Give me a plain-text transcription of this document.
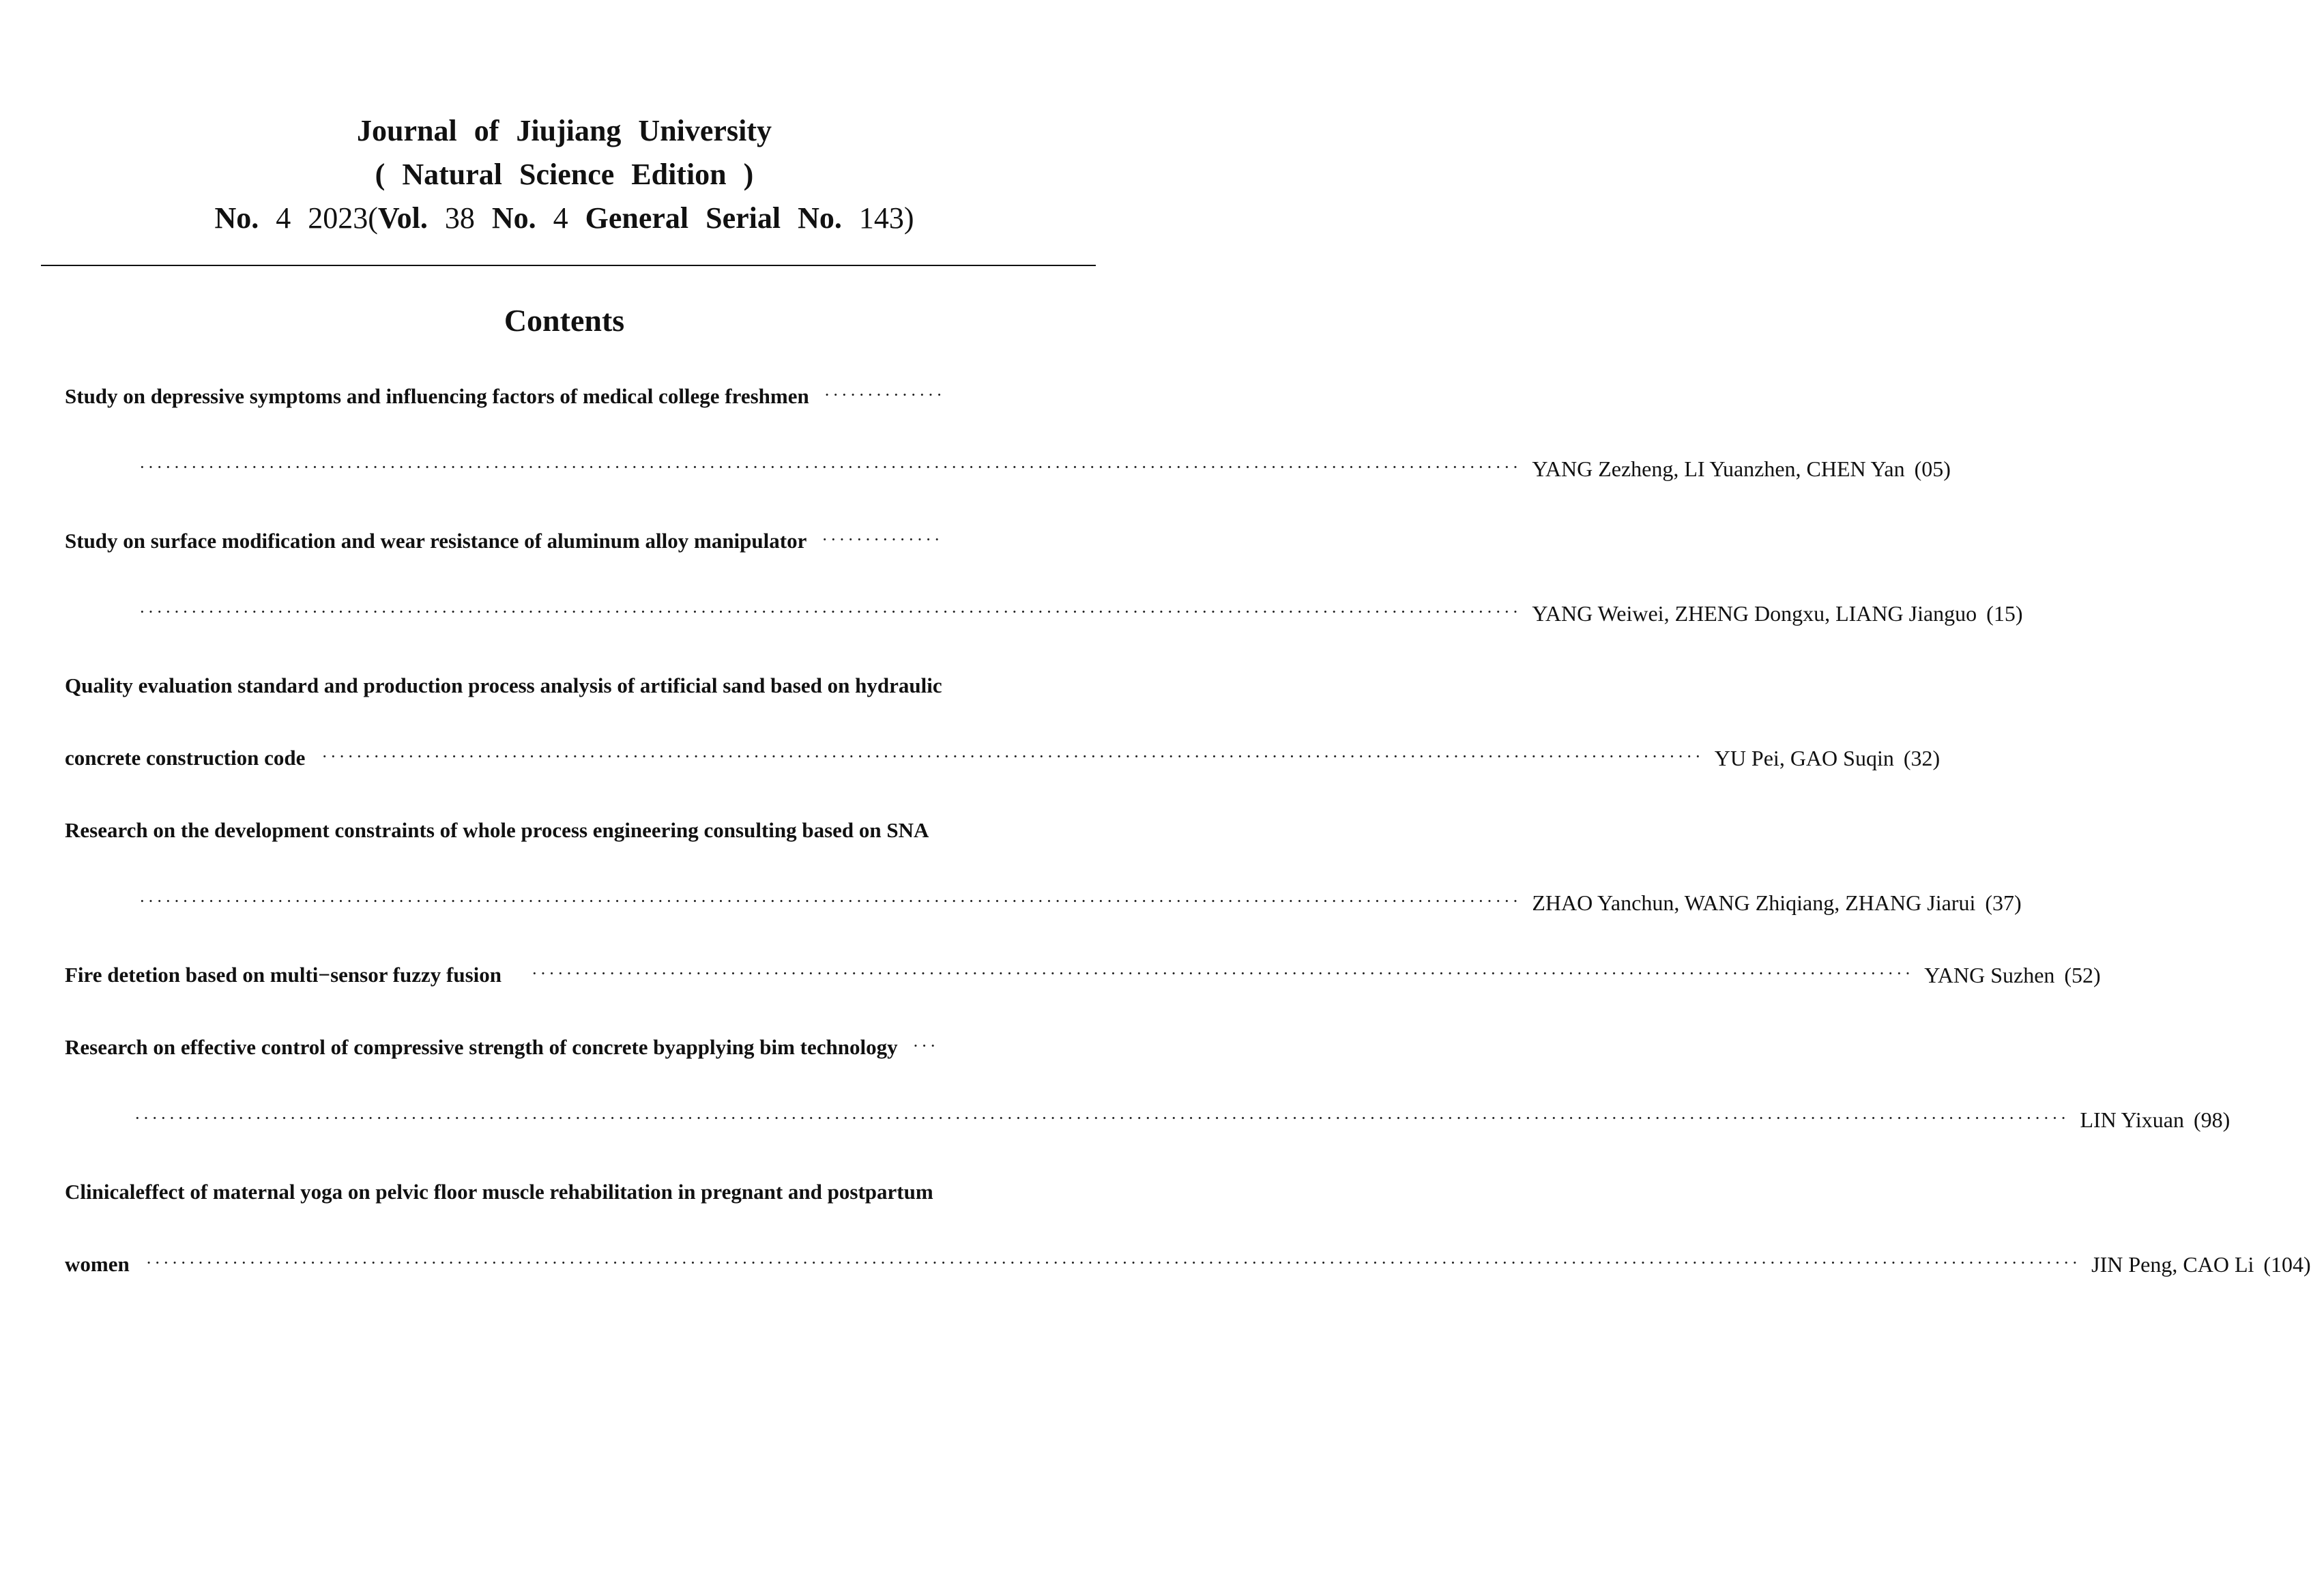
Journal of Jiujiang University
( Natural Science Edition )
No. 4 2023(Vol. 38 No. 4 General Serial No. 143)
Contents
Study on depressive symptoms and influencing factors of medical college freshmen ··············
································································································································································ YANG Zezheng, LI Yuanzhen, CHEN Yan (05)
Study on surface modification and wear resistance of aluminum alloy manipulator ··············
································································································································································ YANG Weiwei, ZHENG Dongxu, LIANG Jianguo (15)
Quality evaluation standard and production process analysis of artificial sand based on hydraulic
concrete construction code ································································································································································ YU Pei, GAO Suqin (32)
Research on the development constraints of whole process engineering consulting based on SNA
································································································································································ ZHAO Yanchun, WANG Zhiqiang, ZHANG Jiarui (37)
Fire detetion based on multi−sensor fuzzy fusion ································································································································································ YANG Suzhen (52)
Research on effective control of compressive strength of concrete byapplying bim technology ···
································································································································································································································ LIN Yixuan (98)
Clinicaleffect of maternal yoga on pelvic floor muscle rehabilitation in pregnant and postpartum
women ································································································································································································································ JIN Peng, CAO Li (104)
